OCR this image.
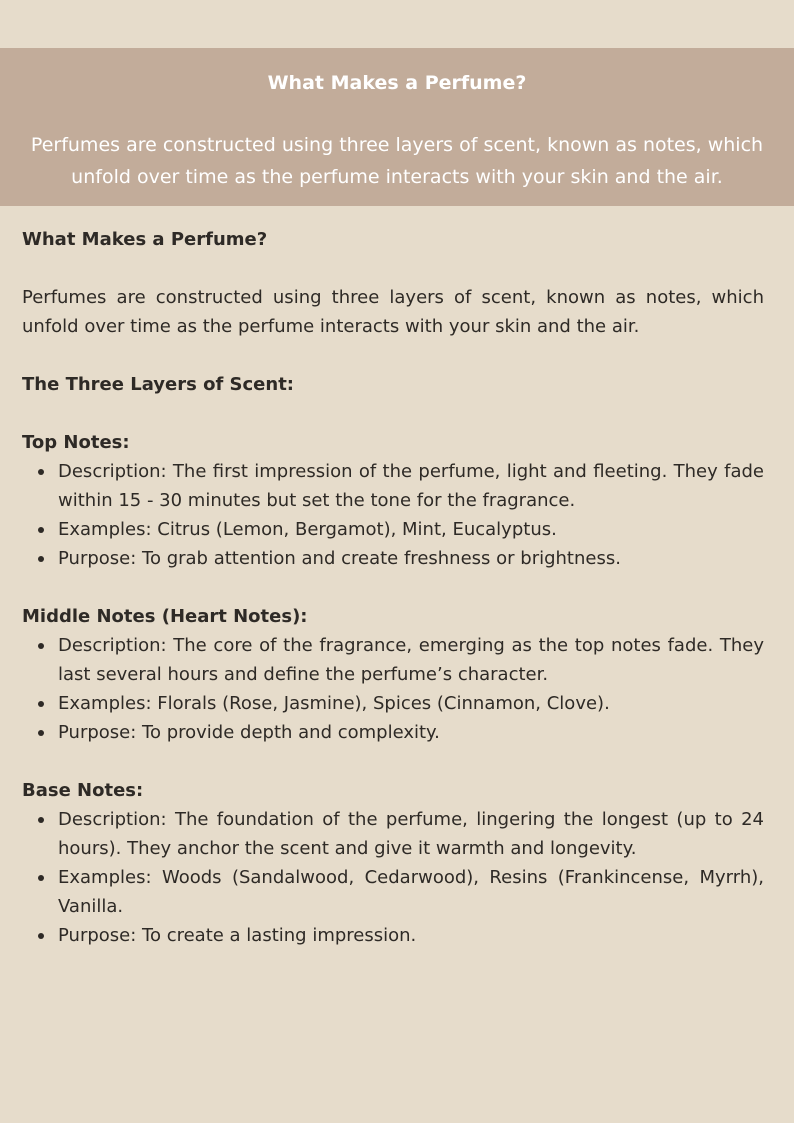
What Makes a Perfume?
Perfumes are constructed using three layers of scent, known as notes, which unfold over time as the perfume interacts with your skin and the air.

What Makes a Perfume?

Perfumes are constructed using three layers of scent, known as notes, which unfold over time as the perfume interacts with your skin and the air.

The Three Layers of Scent:

Top Notes:

Description: The first impression of the perfume, light and fleeting. They fade within 15 - 30 minutes but set the tone for the fragrance.
Examples: Citrus (Lemon, Bergamot), Mint, Eucalyptus.
Purpose: To grab attention and create freshness or brightness.

Middle Notes (Heart Notes):

Description: The core of the fragrance, emerging as the top notes fade. They last several hours and define the perfume’s character.
Examples: Florals (Rose, Jasmine), Spices (Cinnamon, Clove).
Purpose: To provide depth and complexity.

Base Notes:

Description: The foundation of the perfume, lingering the longest (up to 24 hours). They anchor the scent and give it warmth and longevity.
Examples: Woods (Sandalwood, Cedarwood), Resins (Frankincense, Myrrh), Vanilla.
Purpose: To create a lasting impression.
